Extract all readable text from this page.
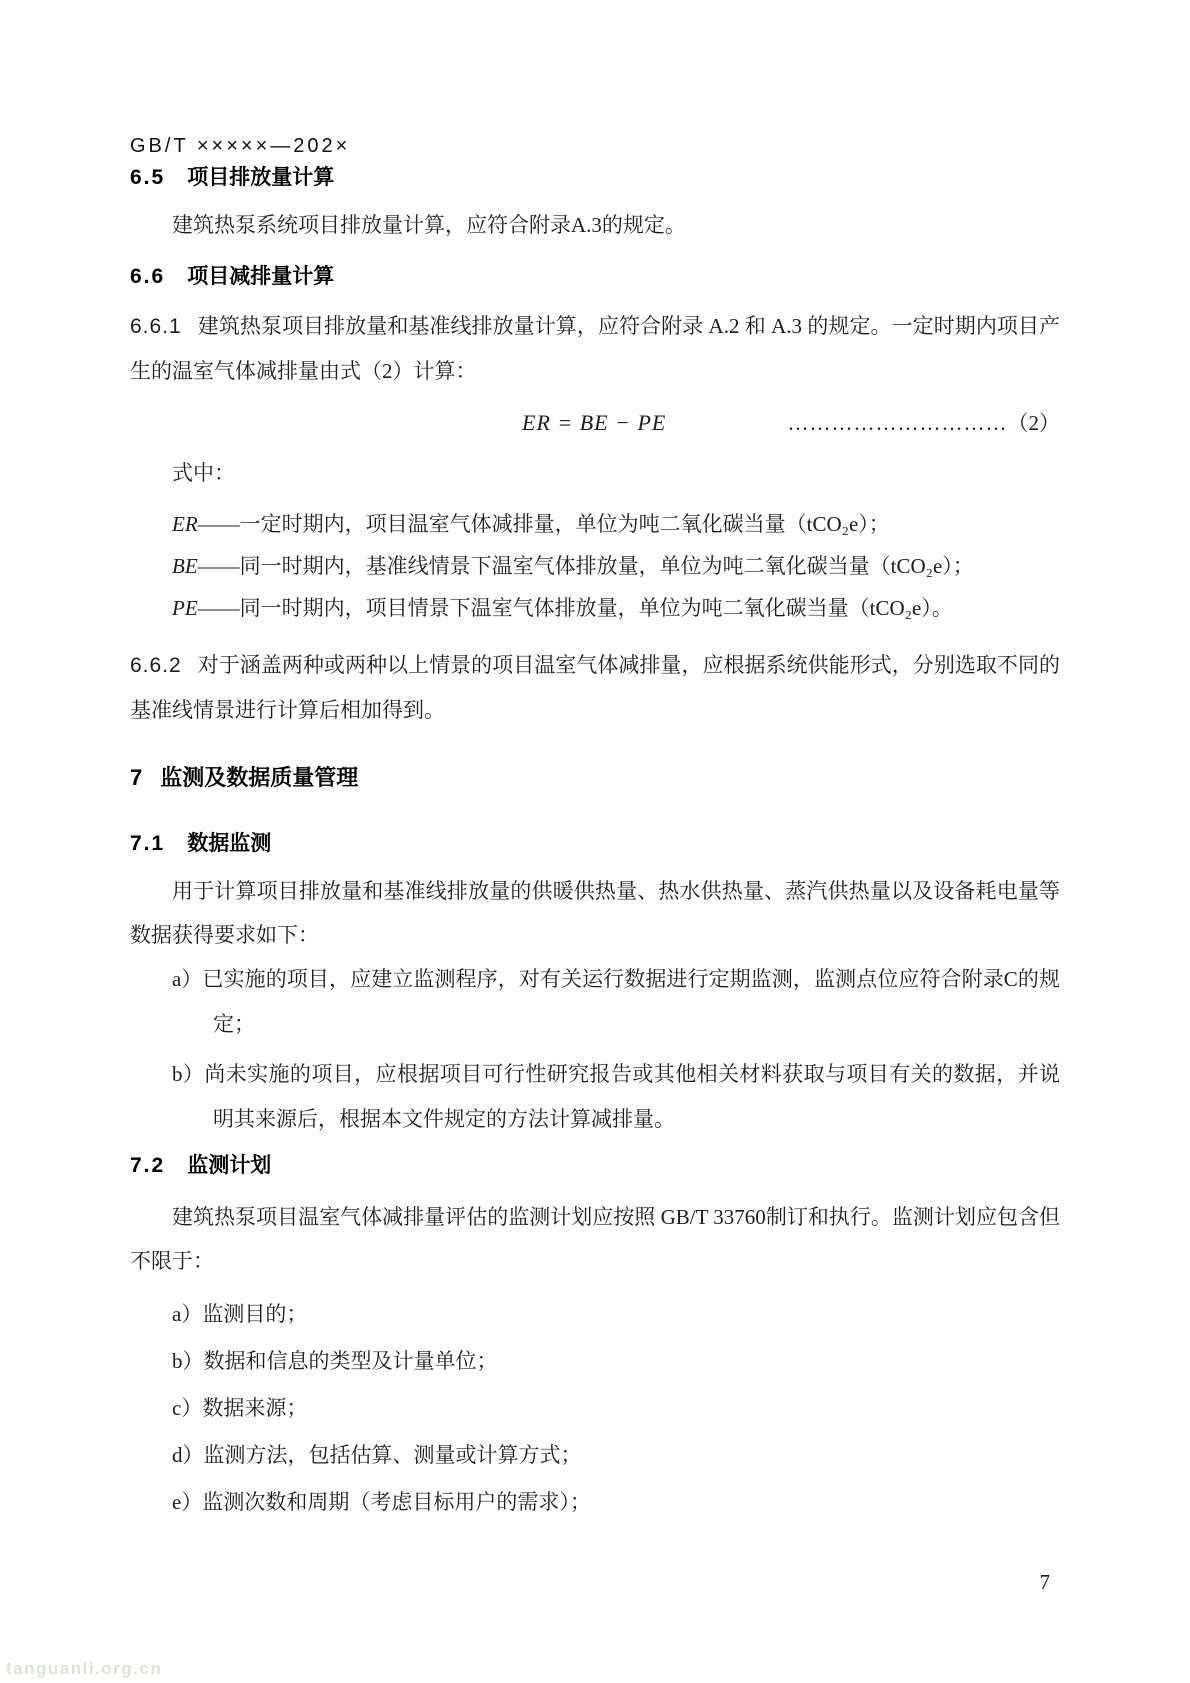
GB/T ×××××—202×
6.5 项目排放量计算

建筑热泵系统项目排放量计算，应符合附录A.3的规定。

6.6 项目减排量计算

6.6.1 建筑热泵项目排放量和基准线排放量计算，应符合附录 A.2 和 A.3 的规定。一定时期内项目产生的温室气体减排量由式（2）计算：

ER = BE − PE	…………………………（2）

式中：

ER——一定时期内，项目温室气体减排量，单位为吨二氧化碳当量（tCO₂e）；

BE——同一时期内，基准线情景下温室气体排放量，单位为吨二氧化碳当量（tCO₂e）；

PE——同一时期内，项目情景下温室气体排放量，单位为吨二氧化碳当量（tCO₂e）。

6.6.2 对于涵盖两种或两种以上情景的项目温室气体减排量，应根据系统供能形式，分别选取不同的基准线情景进行计算后相加得到。

7 监测及数据质量管理
7.1 数据监测

用于计算项目排放量和基准线排放量的供暖供热量、热水供热量、蒸汽供热量以及设备耗电量等数据获得要求如下：

a）已实施的项目，应建立监测程序，对有关运行数据进行定期监测，监测点位应符合附录C的规定；

b）尚未实施的项目，应根据项目可行性研究报告或其他相关材料获取与项目有关的数据，并说明其来源后，根据本文件规定的方法计算减排量。

7.2 监测计划

建筑热泵项目温室气体减排量评估的监测计划应按照 GB/T 33760制订和执行。监测计划应包含但不限于：

a）监测目的；

b）数据和信息的类型及计量单位；

c）数据来源；

d）监测方法，包括估算、测量或计算方式；

e）监测次数和周期（考虑目标用户的需求）；

7
tanguanli.org.cn
